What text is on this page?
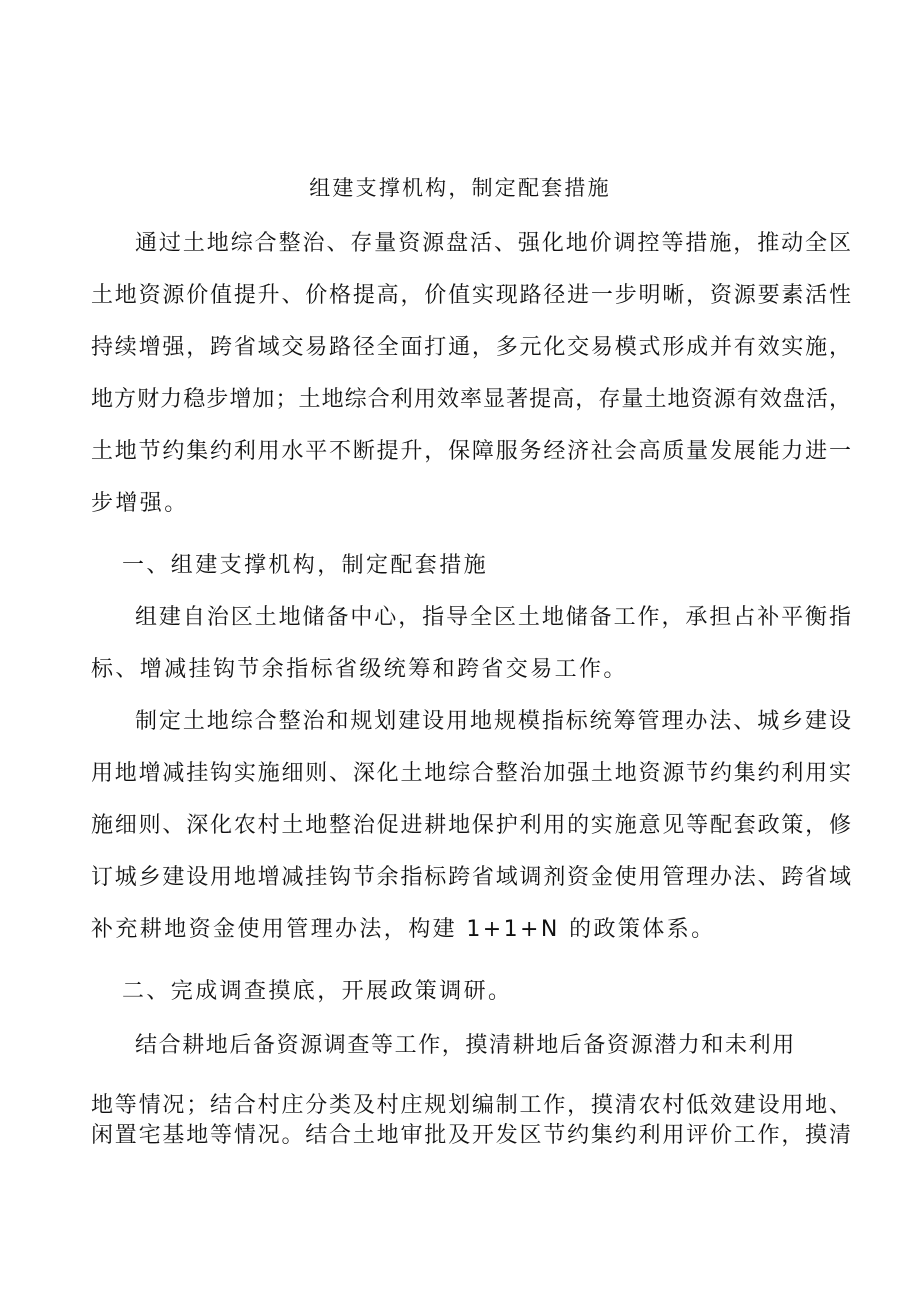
组建支撑机构，制定配套措施
通过土地综合整治、存量资源盘活、强化地价调控等措施，推动全区
土地资源价值提升、价格提高，价值实现路径进一步明晰，资源要素活性
持续增强，跨省域交易路径全面打通，多元化交易模式形成并有效实施，
地方财力稳步增加；土地综合利用效率显著提高，存量土地资源有效盘活，
土地节约集约利用水平不断提升，保障服务经济社会高质量发展能力进一
步增强。
一、组建支撑机构，制定配套措施
组建自治区土地储备中心，指导全区土地储备工作，承担占补平衡指
标、增减挂钩节余指标省级统筹和跨省交易工作。
制定土地综合整治和规划建设用地规模指标统筹管理办法、城乡建设
用地增减挂钩实施细则、深化土地综合整治加强土地资源节约集约利用实
施细则、深化农村土地整治促进耕地保护利用的实施意见等配套政策，修
订城乡建设用地增减挂钩节余指标跨省域调剂资金使用管理办法、跨省域
补充耕地资金使用管理办法，构建 1+1+N 的政策体系。
二、完成调查摸底，开展政策调研。
结合耕地后备资源调查等工作，摸清耕地后备资源潜力和未利用
地等情况；结合村庄分类及村庄规划编制工作，摸清农村低效建设用地、
闲置宅基地等情况。结合土地审批及开发区节约集约利用评价工作，摸清
